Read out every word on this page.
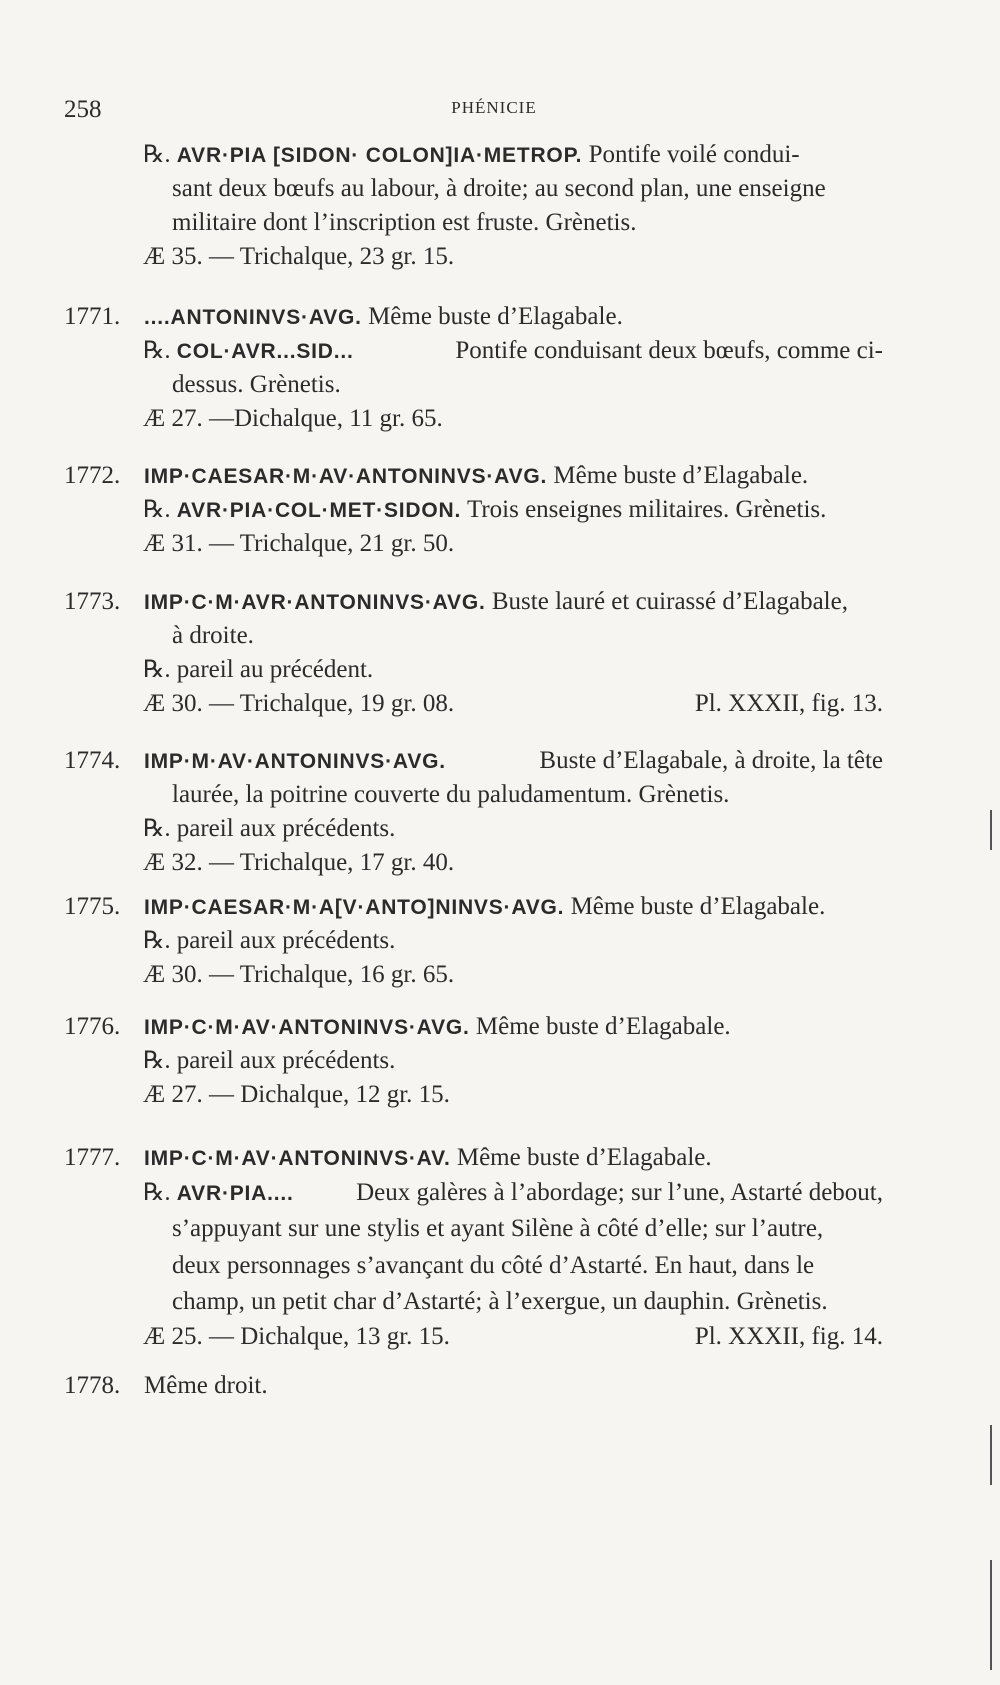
258	PHÉNICIE
℞. AVR·PIA [SIDON· COLON]IA·METROP. Pontife voilé condui-
sant deux bœufs au labour, à droite; au second plan, une enseigne
militaire dont l’inscription est fruste. Grènetis.
Æ 35. — Trichalque, 23 gr. 15.
1771. ....ANTONINVS·AVG. Même buste d’Elagabale.
℞. COL·AVR...SID...	Pontife conduisant deux bœufs, comme ci-
dessus. Grènetis.
Æ 27. —Dichalque, 11 gr. 65.
1772. IMP·CAESAR·M·AV·ANTONINVS·AVG. Même buste d’Elagabale.
℞. AVR·PIA·COL·MET·SIDON. Trois enseignes militaires. Grènetis.
Æ 31. — Trichalque, 21 gr. 50.
1773. IMP·C·M·AVR·ANTONINVS·AVG. Buste lauré et cuirassé d’Elagabale,
à droite.
℞. pareil au précédent.
Æ 30. — Trichalque, 19 gr. 08.	Pl. XXXII, fig. 13.
1774. IMP·M·AV·ANTONINVS·AVG.	Buste d’Elagabale, à droite, la tête
laurée, la poitrine couverte du paludamentum. Grènetis.
℞. pareil aux précédents.
Æ 32. — Trichalque, 17 gr. 40.
1775. IMP·CAESAR·M·A[V·ANTO]NINVS·AVG. Même buste d’Elagabale.
℞. pareil aux précédents.
Æ 30. — Trichalque, 16 gr. 65.
1776. IMP·C·M·AV·ANTONINVS·AVG. Même buste d’Elagabale.
℞. pareil aux précédents.
Æ 27. — Dichalque, 12 gr. 15.
1777. IMP·C·M·AV·ANTONINVS·AV. Même buste d’Elagabale.
℞. AVR·PIA.... Deux galères à l’abordage; sur l’une, Astarté debout,
s’appuyant sur une stylis et ayant Silène à côté d’elle; sur l’autre,
deux personnages s’avançant du côté d’Astarté. En haut, dans le
champ, un petit char d’Astarté; à l’exergue, un dauphin. Grènetis.
Æ 25. — Dichalque, 13 gr. 15.	Pl. XXXII, fig. 14.
1778. Même droit.
